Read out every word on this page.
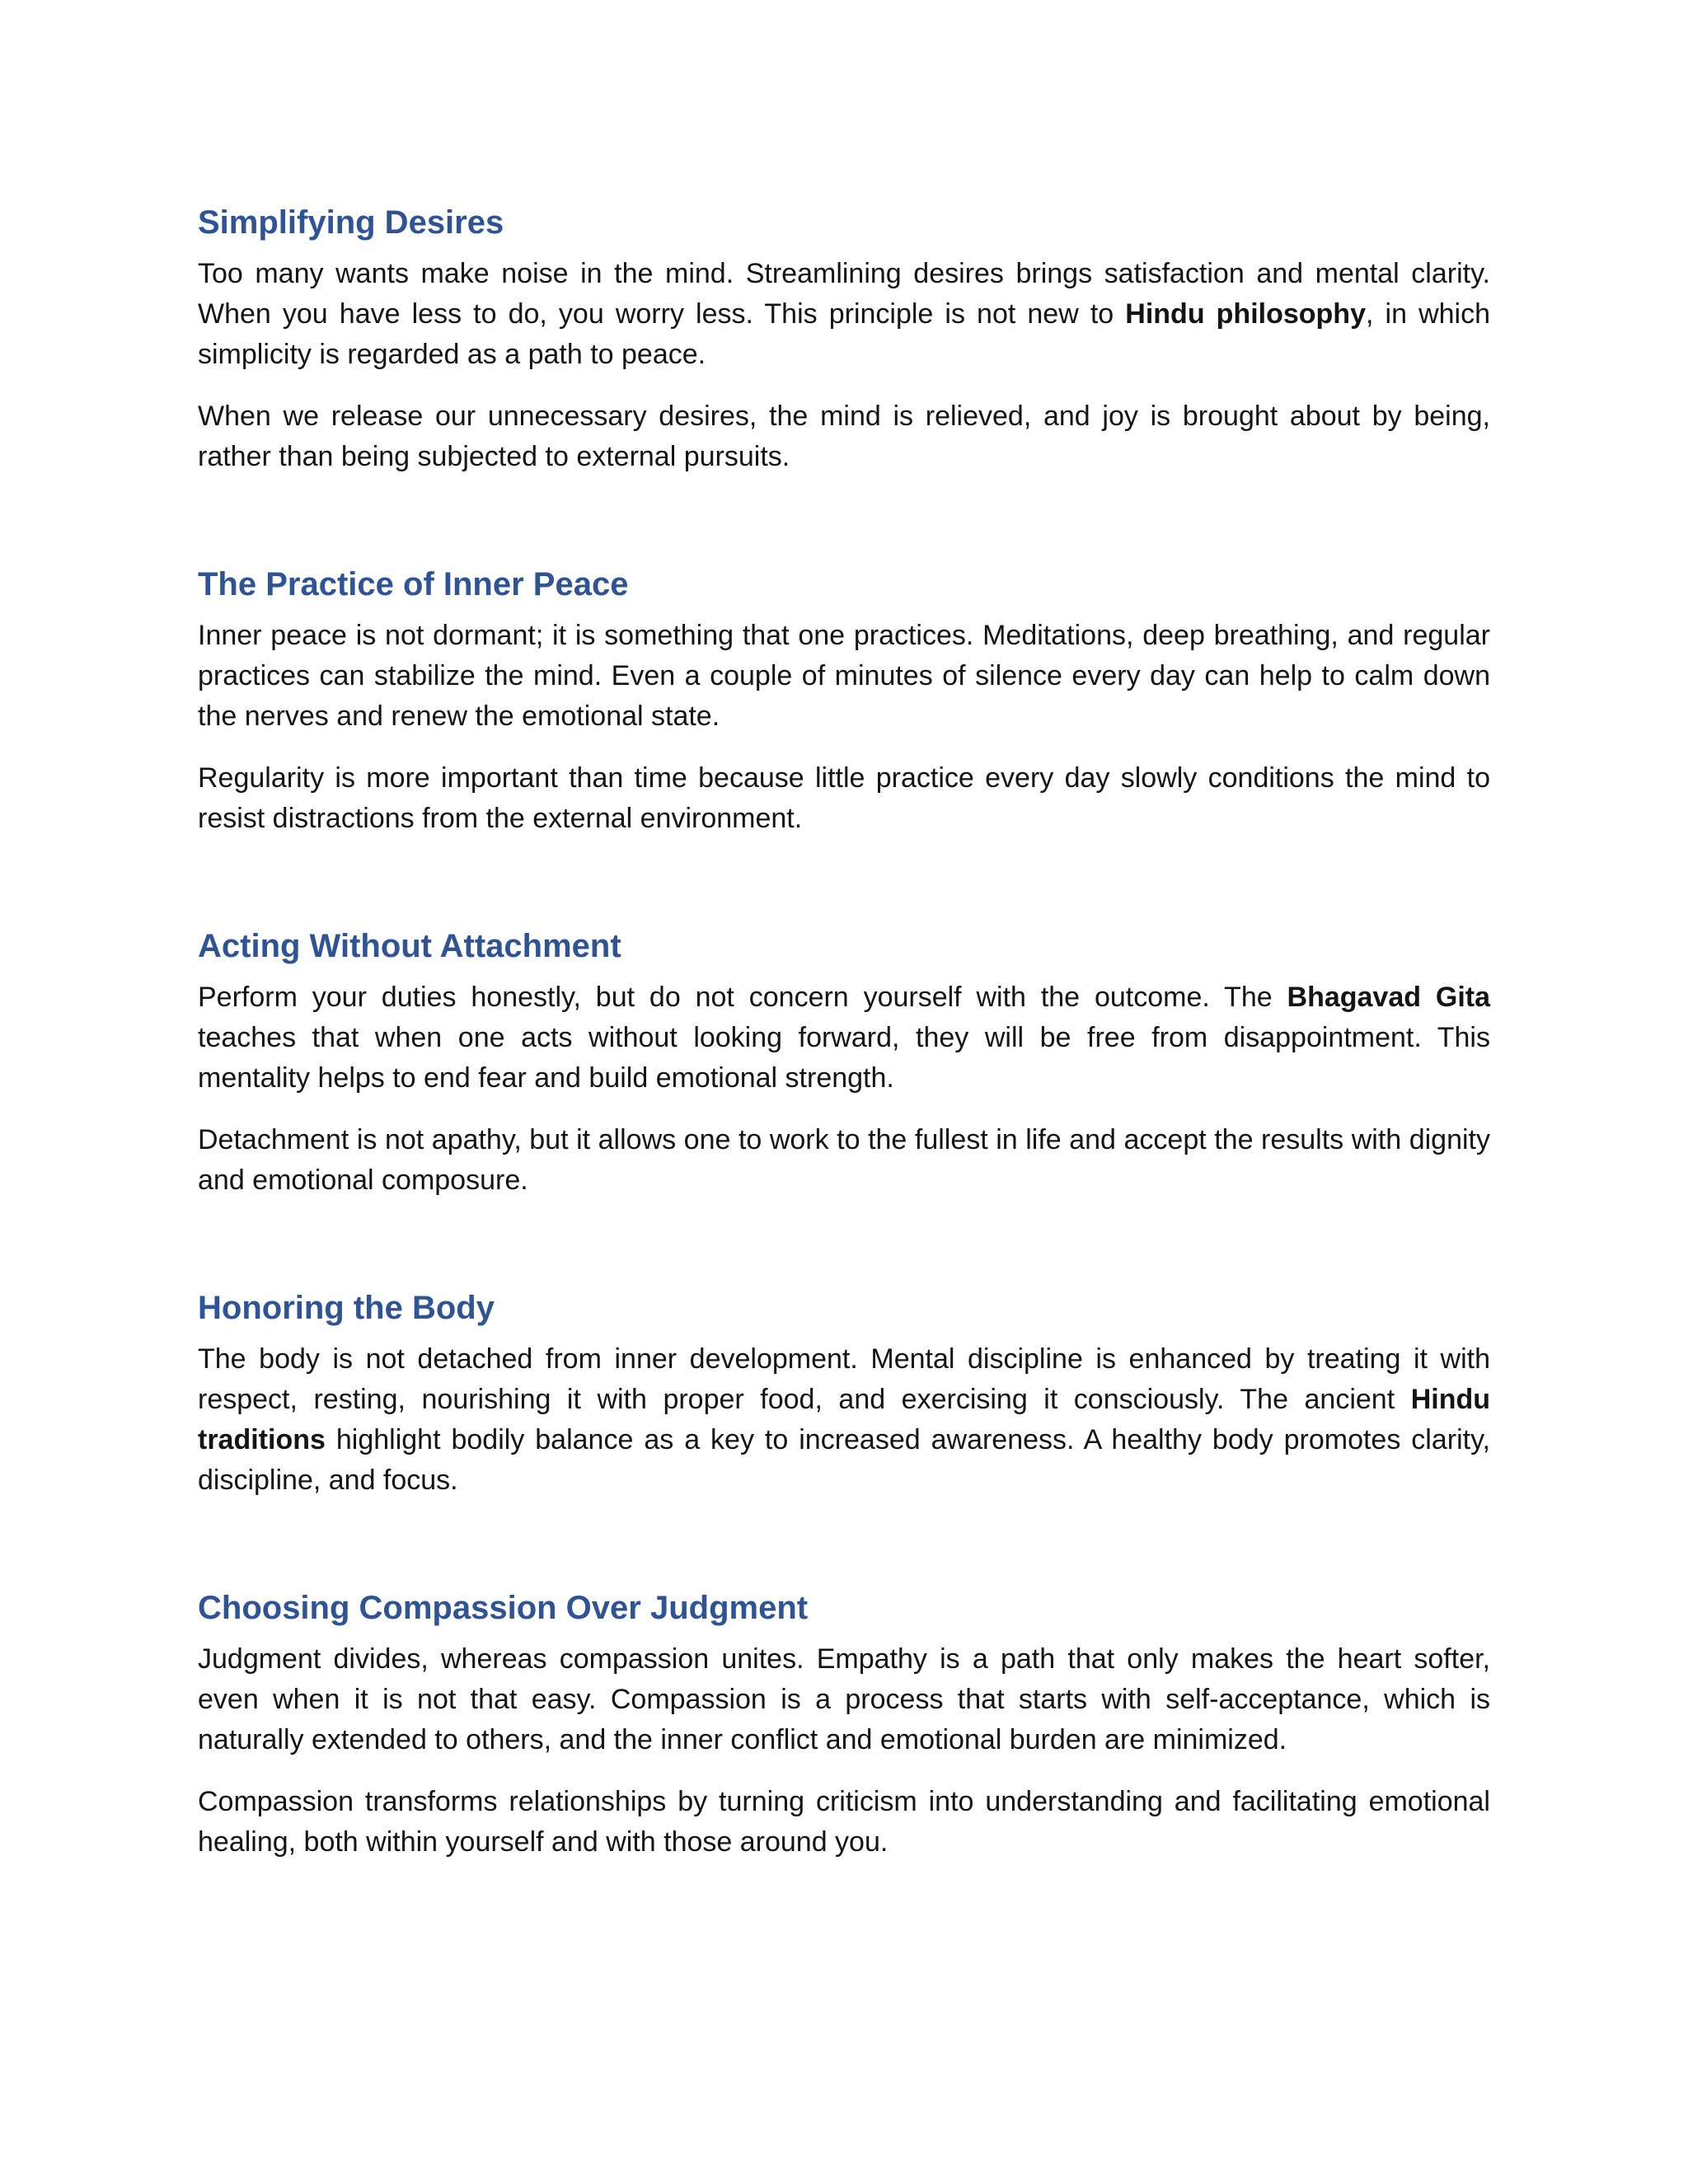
Simplifying Desires

Too many wants make noise in the mind. Streamlining desires brings satisfaction and mental clarity. When you have less to do, you worry less. This principle is not new to Hindu philosophy, in which simplicity is regarded as a path to peace.

When we release our unnecessary desires, the mind is relieved, and joy is brought about by being, rather than being subjected to external pursuits.

The Practice of Inner Peace

Inner peace is not dormant; it is something that one practices. Meditations, deep breathing, and regular practices can stabilize the mind. Even a couple of minutes of silence every day can help to calm down the nerves and renew the emotional state.

Regularity is more important than time because little practice every day slowly conditions the mind to resist distractions from the external environment.

Acting Without Attachment

Perform your duties honestly, but do not concern yourself with the outcome. The Bhagavad Gita teaches that when one acts without looking forward, they will be free from disappointment. This mentality helps to end fear and build emotional strength.

Detachment is not apathy, but it allows one to work to the fullest in life and accept the results with dignity and emotional composure.

Honoring the Body

The body is not detached from inner development. Mental discipline is enhanced by treating it with respect, resting, nourishing it with proper food, and exercising it consciously. The ancient Hindu traditions highlight bodily balance as a key to increased awareness. A healthy body promotes clarity, discipline, and focus.

Choosing Compassion Over Judgment

Judgment divides, whereas compassion unites. Empathy is a path that only makes the heart softer, even when it is not that easy. Compassion is a process that starts with self-acceptance, which is naturally extended to others, and the inner conflict and emotional burden are minimized.

Compassion transforms relationships by turning criticism into understanding and facilitating emotional healing, both within yourself and with those around you.
